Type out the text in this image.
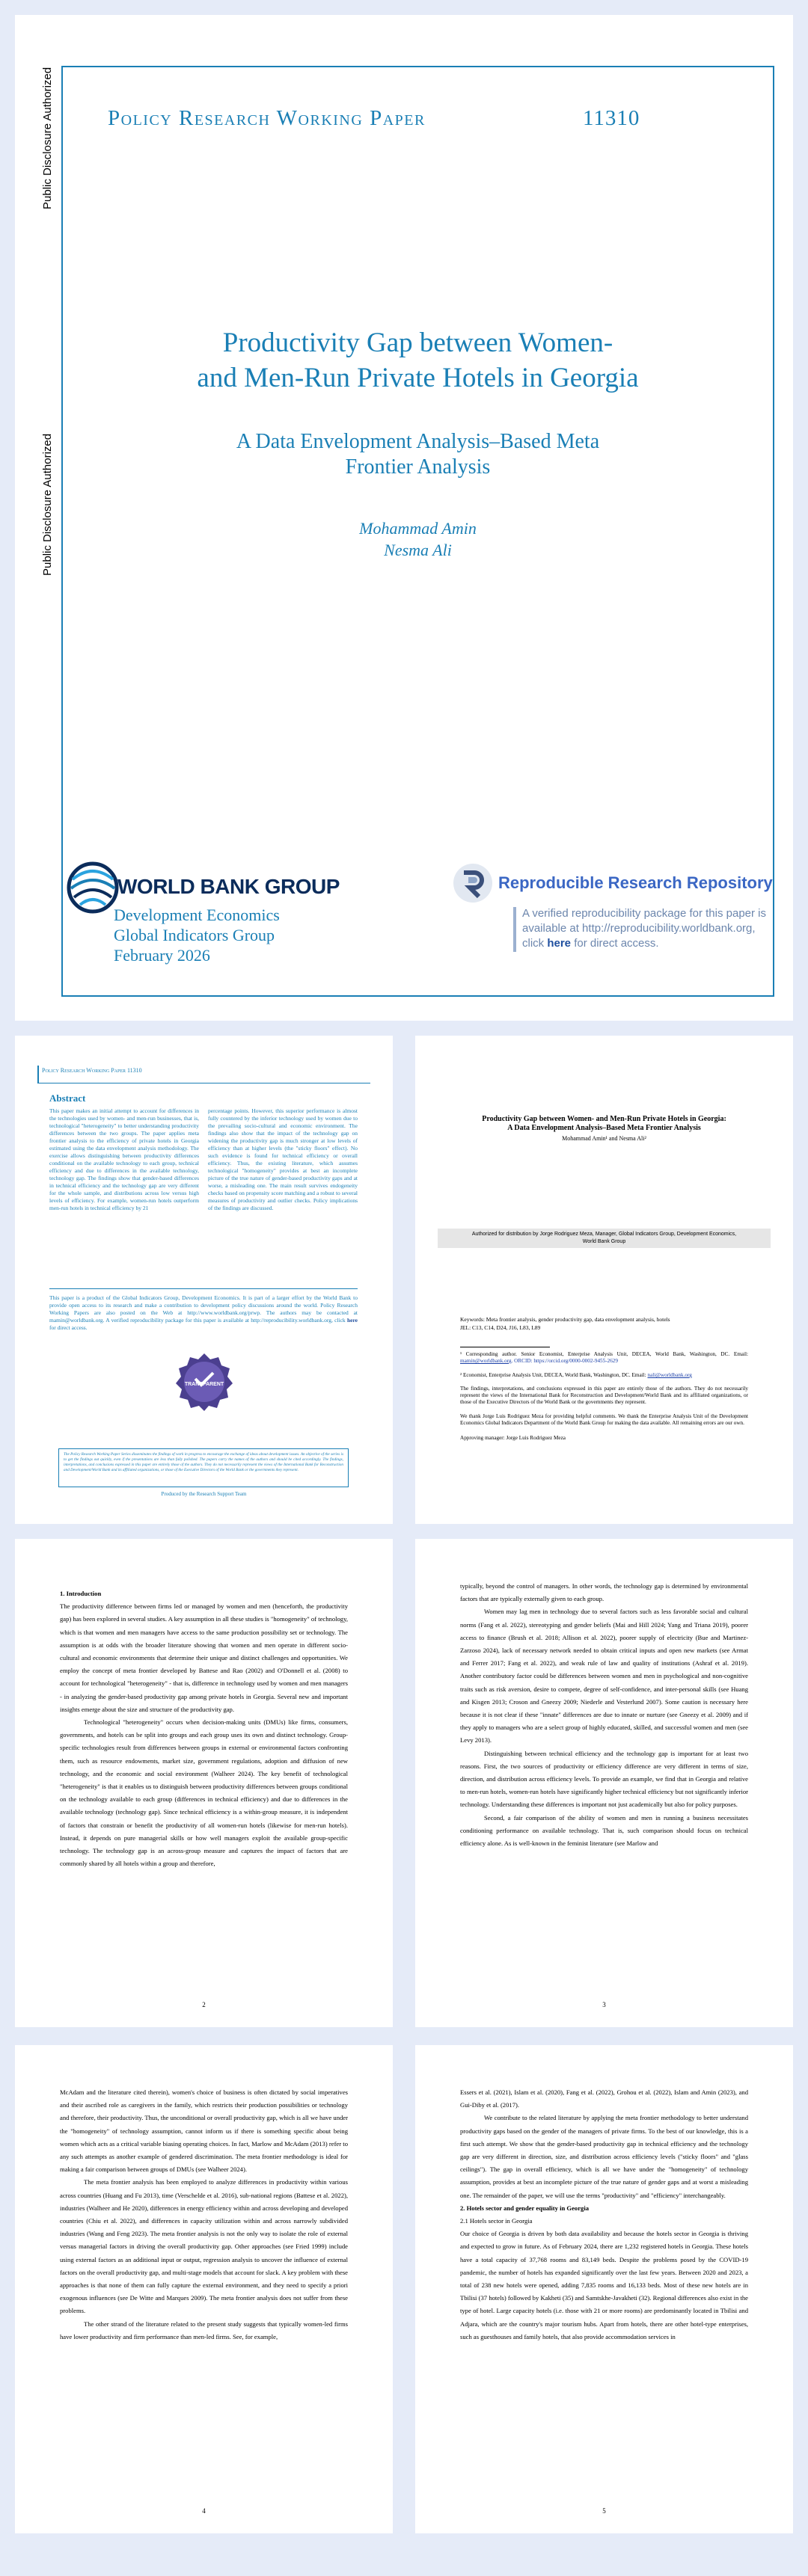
Public Disclosure Authorized
Public Disclosure Authorized
Policy Research Working Paper	11310
Productivity Gap between Women-
and Men-Run Private Hotels in Georgia
A Data Envelopment Analysis–Based Meta
Frontier Analysis
Mohammad Amin
Nesma Ali
WORLD BANK GROUP
Development Economics
Global Indicators Group
February 2026
Reproducible Research Repository
A verified reproducibility package for this paper is
available at http://reproducibility.worldbank.org,
click here for direct access.
Policy Research Working Paper 11310
Abstract
This paper makes an initial attempt to account for differences in the technologies used by women- and men-run businesses, that is, technological "heterogeneity" to better understanding productivity differences between the two groups. The paper applies meta frontier analysis to the efficiency of private hotels in Georgia estimated using the data envelopment analysis methodology. The exercise allows distinguishing between productivity differences conditional on the available technology to each group, technical efficiency and due to differences in the available technology, technology gap. The findings show that gender-based differences in technical efficiency and the technology gap are very different for the whole sample, and distributions across low versus high levels of efficiency. For example, women-run hotels outperform men-run hotels in technical efficiency by 21
percentage points. However, this superior performance is almost fully countered by the inferior technology used by women due to the prevailing socio-cultural and economic environment. The findings also show that the impact of the technology gap on widening the productivity gap is much stronger at low levels of efficiency than at higher levels (the "sticky floors" effect). No such evidence is found for technical efficiency or overall efficiency. Thus, the existing literature, which assumes technological "homogeneity" provides at best an incomplete picture of the true nature of gender-based productivity gaps and at worse, a misleading one. The main result survives endogeneity checks based on propensity score matching and a robust to several measures of productivity and outlier checks. Policy implications of the findings are discussed.
This paper is a product of the Global Indicators Group, Development Economics. It is part of a larger effort by the World Bank to provide open access to its research and make a contribution to development policy discussions around the world. Policy Research Working Papers are also posted on the Web at http://www.worldbank.org/prwp. The authors may be contacted at mamin@worldbank.org. A verified reproducibility package for this paper is available at http://reproducibility.worldbank.org, click here for direct access.
TRANSPARENT
The Policy Research Working Paper Series disseminates the findings of work in progress to encourage the exchange of ideas about development issues. An objective of the series is to get the findings out quickly, even if the presentations are less than fully polished. The papers carry the names of the authors and should be cited accordingly. The findings, interpretations, and conclusions expressed in this paper are entirely those of the authors. They do not necessarily represent the views of the International Bank for Reconstruction and Development/World Bank and its affiliated organizations, or those of the Executive Directors of the World Bank or the governments they represent.
Produced by the Research Support Team
Productivity Gap between Women- and Men-Run Private Hotels in Georgia:
A Data Envelopment Analysis–Based Meta Frontier Analysis
Mohammad Amin¹ and Nesma Ali²
Authorized for distribution by Jorge Rodriguez Meza, Manager, Global Indicators Group, Development Economics,
World Bank Group
Keywords: Meta frontier analysis, gender productivity gap, data envelopment analysis, hotels
JEL: C13, C14, D24, J16, L83, L89
¹ Corresponding author. Senior Economist, Enterprise Analysis Unit, DECEA, World Bank, Washington, DC. Email: mamin@worldbank.org. ORCID: https://orcid.org/0000-0002-9455-2629
² Economist, Enterprise Analysis Unit, DECEA, World Bank, Washington, DC. Email: nali@worldbank.org
The findings, interpretations, and conclusions expressed in this paper are entirely those of the authors. They do not necessarily represent the views of the International Bank for Reconstruction and Development/World Bank and its affiliated organizations, or those of the Executive Directors of the World Bank or the governments they represent.
We thank Jorge Luis Rodriguez Meza for providing helpful comments. We thank the Enterprise Analysis Unit of the Development Economics Global Indicators Department of the World Bank Group for making the data available. All remaining errors are our own.
Approving manager: Jorge Luis Rodriguez Meza
1. Introduction

The productivity difference between firms led or managed by women and men (henceforth, the productivity gap) has been explored in several studies. A key assumption in all these studies is "homogeneity" of technology, which is that women and men managers have access to the same production possibility set or technology. The assumption is at odds with the broader literature showing that women and men operate in different socio-cultural and economic environments that determine their unique and distinct challenges and opportunities. We employ the concept of meta frontier developed by Battese and Rao (2002) and O'Donnell et al. (2008) to account for technological "heterogeneity" - that is, difference in technology used by women and men managers - in analyzing the gender-based productivity gap among private hotels in Georgia. Several new and important insights emerge about the size and structure of the productivity gap.

Technological "heterogeneity" occurs when decision-making units (DMUs) like firms, consumers, governments, and hotels can be split into groups and each group uses its own and distinct technology. Group-specific technologies result from differences between groups in external or environmental factors confronting them, such as resource endowments, market size, government regulations, adoption and diffusion of new technology, and the economic and social environment (Walheer 2024). The key benefit of technological "heterogeneity" is that it enables us to distinguish between productivity differences between groups conditional on the technology available to each group (differences in technical efficiency) and due to differences in the available technology (technology gap). Since technical efficiency is a within-group measure, it is independent of factors that constrain or benefit the productivity of all women-run hotels (likewise for men-run hotels). Instead, it depends on pure managerial skills or how well managers exploit the available group-specific technology. The technology gap is an across-group measure and captures the impact of factors that are commonly shared by all hotels within a group and therefore,

2

typically, beyond the control of managers. In other words, the technology gap is determined by environmental factors that are typically externally given to each group.

Women may lag men in technology due to several factors such as less favorable social and cultural norms (Fang et al. 2022), stereotyping and gender beliefs (Mai and Hill 2024; Yang and Triana 2019), poorer access to finance (Brush et al. 2018; Allison et al. 2022), poorer supply of electricity (Bue and Martinez-Zarzoso 2024), lack of necessary network needed to obtain critical inputs and open new markets (see Armat and Ferrer 2017; Fang et al. 2022), and weak rule of law and quality of institutions (Ashraf et al. 2019). Another contributory factor could be differences between women and men in psychological and non-cognitive traits such as risk aversion, desire to compete, degree of self-confidence, and inter-personal skills (see Huang and Kisgen 2013; Croson and Gneezy 2009; Niederle and Vesterlund 2007). Some caution is necessary here because it is not clear if these "innate" differences are due to innate or nurture (see Gneezy et al. 2009) and if they apply to managers who are a select group of highly educated, skilled, and successful women and men (see Levy 2013).

Distinguishing between technical efficiency and the technology gap is important for at least two reasons. First, the two sources of productivity or efficiency difference are very different in terms of size, direction, and distribution across efficiency levels. To provide an example, we find that in Georgia and relative to men-run hotels, women-run hotels have significantly higher technical efficiency but not significantly inferior technology. Understanding these differences is important not just academically but also for policy purposes.

Second, a fair comparison of the ability of women and men in running a business necessitates conditioning performance on available technology. That is, such comparison should focus on technical efficiency alone. As is well-known in the feminist literature (see Marlow and

3

McAdam and the literature cited therein), women's choice of business is often dictated by social imperatives and their ascribed role as caregivers in the family, which restricts their production possibilities or technology and therefore, their productivity. Thus, the unconditional or overall productivity gap, which is all we have under the "homogeneity" of technology assumption, cannot inform us if there is something specific about being women which acts as a critical variable biasing operating choices. In fact, Marlow and McAdam (2013) refer to any such attempts as another example of gendered discrimination. The meta frontier methodology is ideal for making a fair comparison between groups of DMUs (see Walheer 2024).

The meta frontier analysis has been employed to analyze differences in productivity within various across countries (Huang and Fu 2013), time (Verschelde et al. 2016), sub-national regions (Battese et al. 2022), industries (Walheer and He 2020), differences in energy efficiency within and across developing and developed countries (Chiu et al. 2022), and differences in capacity utilization within and across narrowly subdivided industries (Wang and Feng 2023). The meta frontier analysis is not the only way to isolate the role of external versus managerial factors in driving the overall productivity gap. Other approaches (see Fried 1999) include using external factors as an additional input or output, regression analysis to uncover the influence of external factors on the overall productivity gap, and multi-stage models that account for slack. A key problem with these approaches is that none of them can fully capture the external environment, and they need to specify a priori exogenous influences (see De Witte and Marques 2009). The meta frontier analysis does not suffer from these problems.

The other strand of the literature related to the present study suggests that typically women-led firms have lower productivity and firm performance than men-led firms. See, for example,

4

Essers et al. (2021), Islam et al. (2020), Fang et al. (2022), Grohou et al. (2022), Islam and Amin (2023), and Gui-Diby et al. (2017).

We contribute to the related literature by applying the meta frontier methodology to better understand productivity gaps based on the gender of the managers of private firms. To the best of our knowledge, this is a first such attempt. We show that the gender-based productivity gap in technical efficiency and the technology gap are very different in direction, size, and distribution across efficiency levels ("sticky floors" and "glass ceilings"). The gap in overall efficiency, which is all we have under the "homogeneity" of technology assumption, provides at best an incomplete picture of the true nature of gender gaps and at worst a misleading one. The remainder of the paper, we will use the terms "productivity" and "efficiency" interchangeably.

2. Hotels sector and gender equality in Georgia
2.1 Hotels sector in Georgia

Our choice of Georgia is driven by both data availability and because the hotels sector in Georgia is thriving and expected to grow in future. As of February 2024, there are 1,232 registered hotels in Georgia. These hotels have a total capacity of 37,768 rooms and 83,149 beds. Despite the problems posed by the COVID-19 pandemic, the number of hotels has expanded significantly over the last few years. Between 2020 and 2023, a total of 238 new hotels were opened, adding 7,835 rooms and 16,133 beds. Most of these new hotels are in Tbilisi (37 hotels) followed by Kakheti (35) and Samtskhe-Javakheti (32). Regional differences also exist in the type of hotel. Large capacity hotels (i.e. those with 21 or more rooms) are predominantly located in Tbilisi and Adjara, which are the country's major tourism hubs. Apart from hotels, there are other hotel-type enterprises, such as guesthouses and family hotels, that also provide accommodation services in

5
